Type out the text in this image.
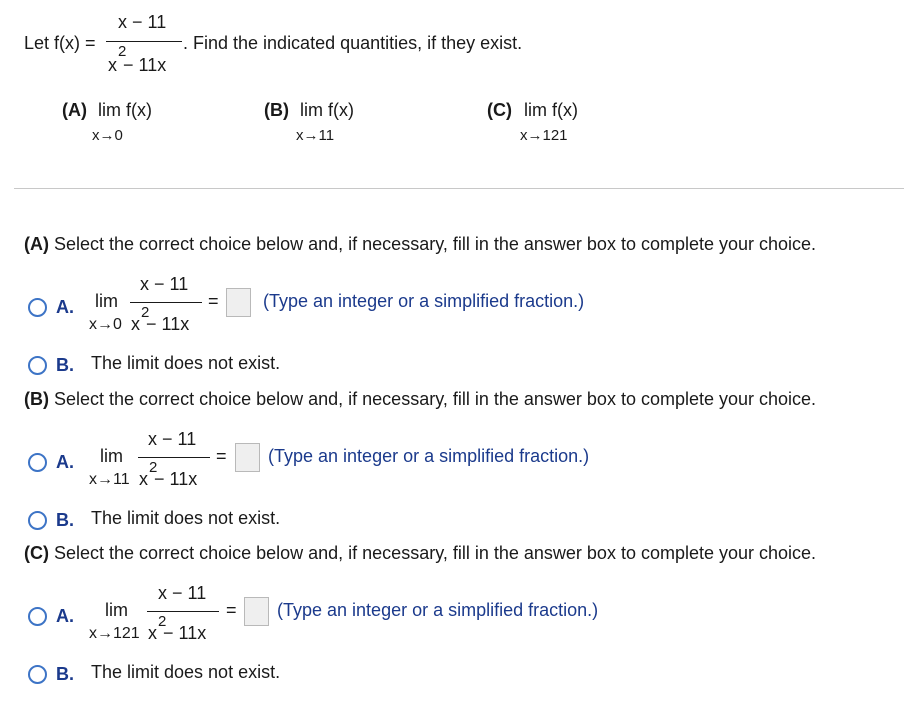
Let f(x) =
x − 11
x
2
− 11x
. Find the indicated quantities, if they exist.
(A) lim f(x)
x→0
(B) lim f(x)
x→11
(C) lim f(x)
x→121
(A) Select the correct choice below and, if necessary, fill in the answer box to complete your choice.
A. lim
x→0
x − 11
x
2
− 11x
= (Type an integer or a simplified fraction.)
B. The limit does not exist.
(B) Select the correct choice below and, if necessary, fill in the answer box to complete your choice.
A. lim
x→11
x − 11
x
2
− 11x
= (Type an integer or a simplified fraction.)
B. The limit does not exist.
(C) Select the correct choice below and, if necessary, fill in the answer box to complete your choice.
A. lim
x→121
x − 11
x
2
− 11x
= (Type an integer or a simplified fraction.)
B. The limit does not exist.
